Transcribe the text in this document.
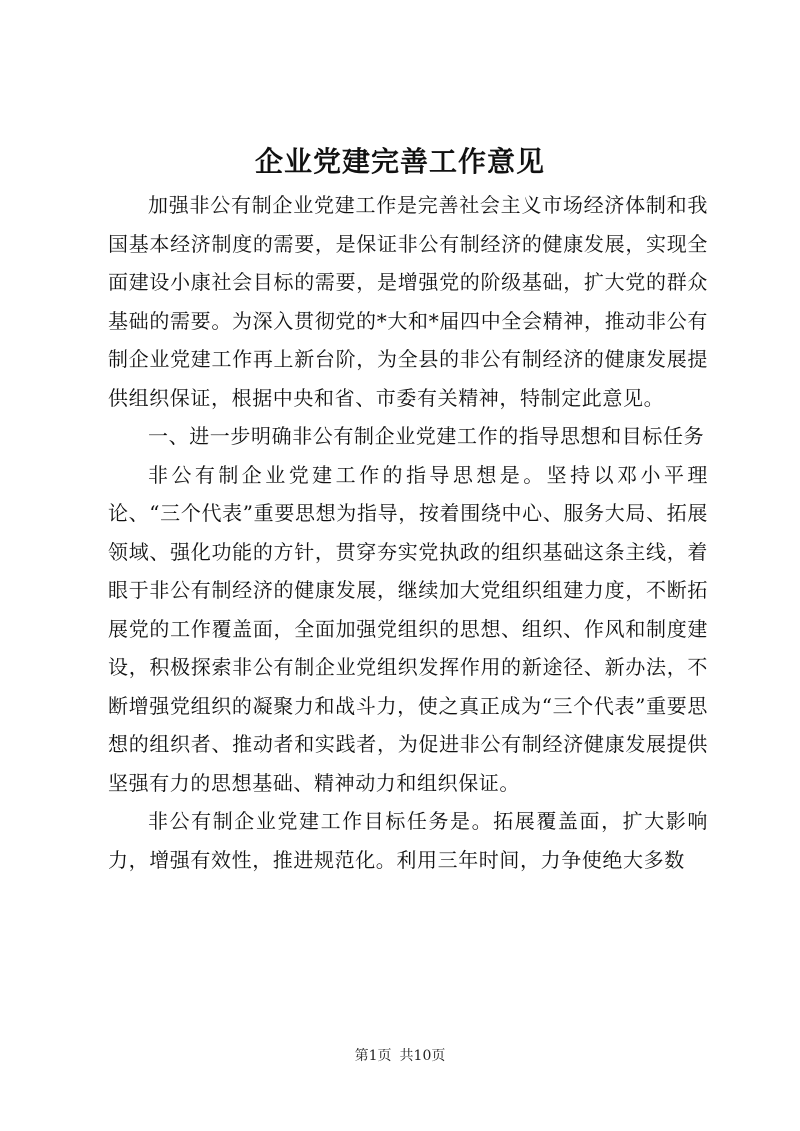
企业党建完善工作意见

加强非公有制企业党建工作是完善社会主义市场经济体制和我国基本经济制度的需要，是保证非公有制经济的健康发展，实现全面建设小康社会目标的需要，是增强党的阶级基础，扩大党的群众基础的需要。为深入贯彻党的*大和*届四中全会精神，推动非公有制企业党建工作再上新台阶，为全县的非公有制经济的健康发展提供组织保证，根据中央和省、市委有关精神，特制定此意见。

一、进一步明确非公有制企业党建工作的指导思想和目标任务

非公有制企业党建工作的指导思想是。坚持以邓小平理论、“三个代表”重要思想为指导，按着围绕中心、服务大局、拓展领域、强化功能的方针，贯穿夯实党执政的组织基础这条主线，着眼于非公有制经济的健康发展，继续加大党组织组建力度，不断拓展党的工作覆盖面，全面加强党组织的思想、组织、作风和制度建设，积极探索非公有制企业党组织发挥作用的新途径、新办法，不断增强党组织的凝聚力和战斗力，使之真正成为“三个代表”重要思想的组织者、推动者和实践者，为促进非公有制经济健康发展提供坚强有力的思想基础、精神动力和组织保证。

非公有制企业党建工作目标任务是。拓展覆盖面，扩大影响力，增强有效性，推进规范化。利用三年时间，力争使绝大多数

第1页 共10页
